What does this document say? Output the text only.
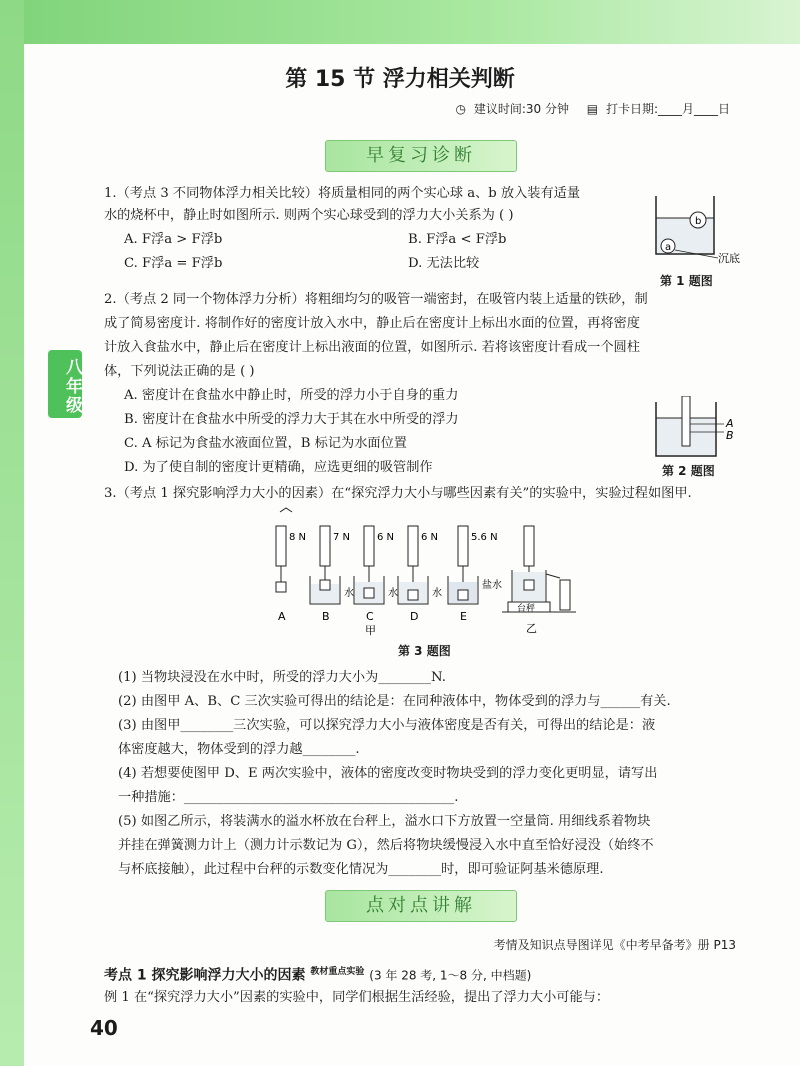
八年级
第 15 节 浮力相关判断
◷ 建议时间:30 分钟 ▤ 打卡日期:____月____日
早复习诊断
1.（考点 3 不同物体浮力相关比较）将质量相同的两个实心球 a、b 放入装有适量
水的烧杯中，静止时如图所示. 则两个实心球受到的浮力大小关系为 ( )
A. F浮a > F浮b	B. F浮a < F浮b
C. F浮a = F浮b	D. 无法比较
b
a
沉底
第 1 题图
2.（考点 2 同一个物体浮力分析）将粗细均匀的吸管一端密封，在吸管内装上适量的铁砂，制
成了简易密度计. 将制作好的密度计放入水中，静止后在密度计上标出水面的位置，再将密度
计放入食盐水中，静止后在密度计上标出液面的位置，如图所示. 若将该密度计看成一个圆柱
体，下列说法正确的是 ( )
A. 密度计在食盐水中静止时，所受的浮力小于自身的重力
B. 密度计在食盐水中所受的浮力大于其在水中所受的浮力
C. A 标记为食盐水液面位置，B 标记为水面位置
D. 为了使自制的密度计更精确，应选更细的吸管制作
A
B
第 2 题图
3.（考点 1 探究影响浮力大小的因素）在“探究浮力大小与哪些因素有关”的实验中，实验过程如图甲.
8 N
A
7 N
水
B
6 N
水
C
甲
6 N
水
D
5.6 N
盐水
E
台秤
乙
第 3 题图
(1) 当物块浸没在水中时，所受的浮力大小为________N.
(2) 由图甲 A、B、C 三次实验可得出的结论是：在同种液体中，物体受到的浮力与______有关.
(3) 由图甲________三次实验，可以探究浮力大小与液体密度是否有关，可得出的结论是：液
体密度越大，物体受到的浮力越________.
(4) 若想要使图甲 D、E 两次实验中，液体的密度改变时物块受到的浮力变化更明显，请写出
一种措施：_________________________________________.
(5) 如图乙所示，将装满水的溢水杯放在台秤上，溢水口下方放置一空量筒. 用细线系着物块
并挂在弹簧测力计上（测力计示数记为 G），然后将物块缓慢浸入水中直至恰好浸没（始终不
与杯底接触），此过程中台秤的示数变化情况为________时，即可验证阿基米德原理.
点对点讲解
考情及知识点导图详见《中考早备考》册 P13
考点 1 探究影响浮力大小的因素 $^{教材重点实验}$ (3 年 28 考, 1～8 分, 中档题)
例 1 在“探究浮力大小”因素的实验中，同学们根据生活经验，提出了浮力大小可能与：
40
